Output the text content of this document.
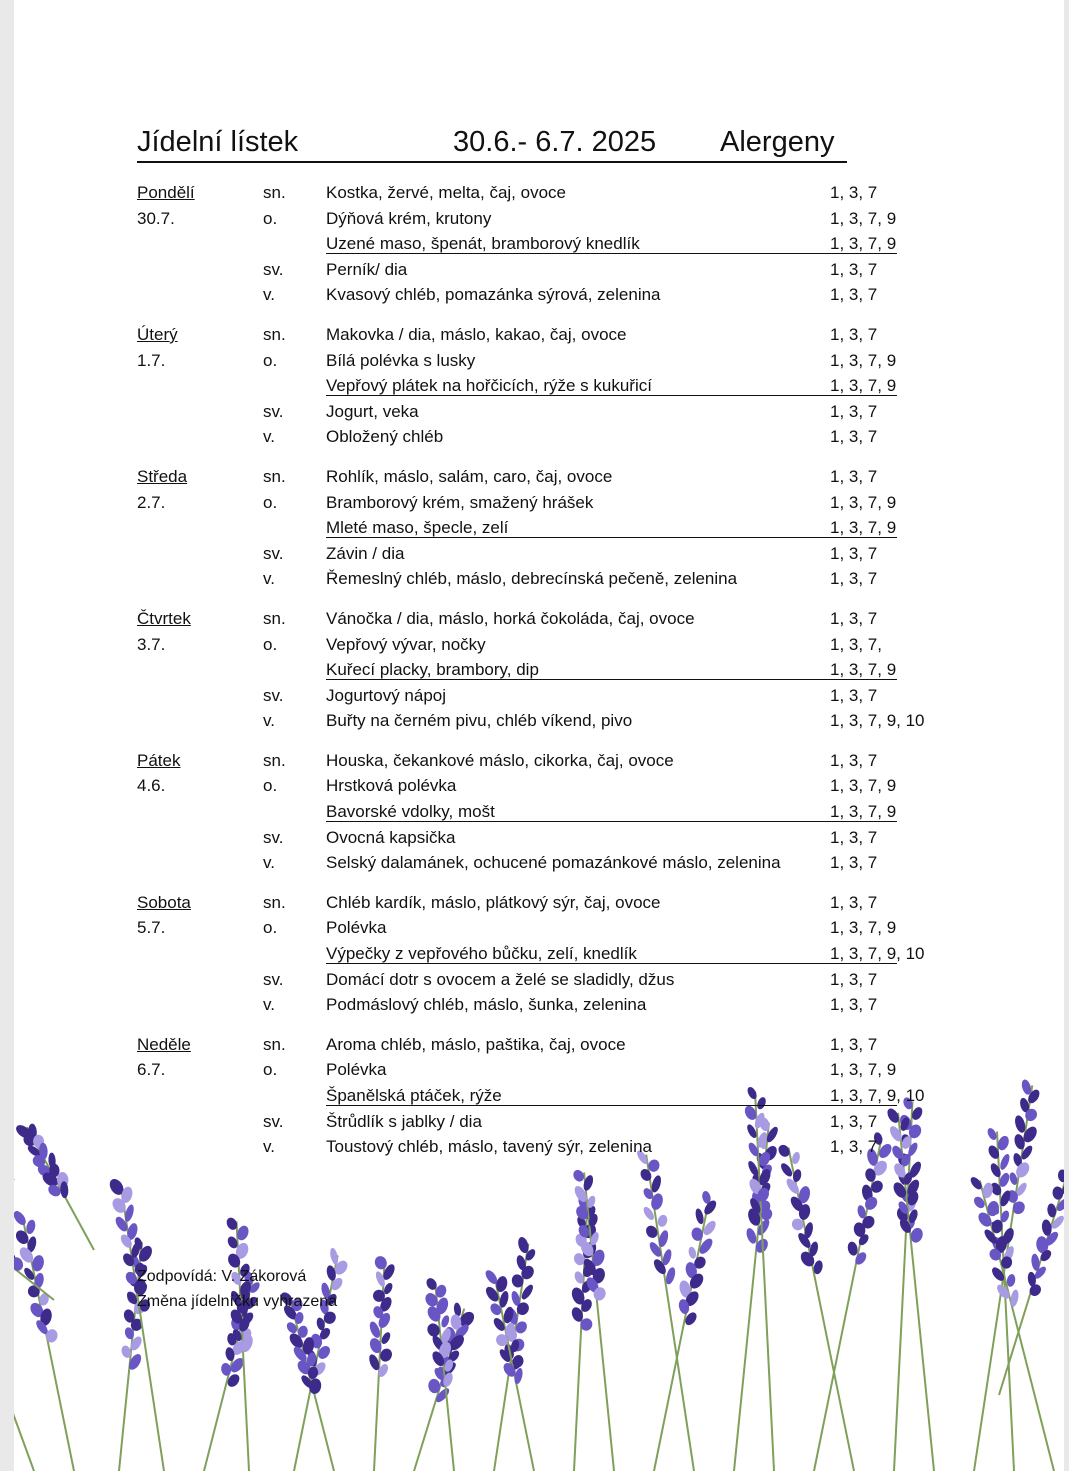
Jídelní lístek	30.6.- 6.7. 2025 Alergeny
Pondělí	sn. Kostka, žervé, melta, čaj, ovoce	1, 3, 7
30.7.	o.	Dýňová krém, krutony	1, 3, 7, 9
Uzené maso, špenát, bramborový knedlík	1, 3, 7, 9
sv.	Perník/ dia	1, 3, 7
v.	Kvasový chléb, pomazánka sýrová, zelenina	1, 3, 7
Úterý	sn. Makovka / dia, máslo, kakao, čaj, ovoce	1, 3, 7
1.7.	o.	Bílá polévka s lusky	1, 3, 7, 9
Vepřový plátek na hořčicích, rýže s kukuřicí	1, 3, 7, 9
sv.	Jogurt, veka	1, 3, 7
v.	Obložený chléb	1, 3, 7
Středa	sn. Rohlík, máslo, salám, caro, čaj, ovoce	1, 3, 7
2.7.	o.	Bramborový krém, smažený hrášek	1, 3, 7, 9
Mleté maso, špecle, zelí	1, 3, 7, 9
sv.	Závin / dia	1, 3, 7
v.	Řemeslný chléb, máslo, debrecínská pečeně, zelenina	1, 3, 7
Čtvrtek	sn. Vánočka / dia, máslo, horká čokoláda, čaj, ovoce	1, 3, 7
3.7.	o.	Vepřový vývar, nočky	1, 3, 7,
Kuřecí placky, brambory, dip	1, 3, 7, 9
sv.	Jogurtový nápoj	1, 3, 7
v.	Buřty na černém pivu, chléb víkend, pivo	1, 3, 7, 9, 10
Pátek	sn. Houska, čekankové máslo, cikorka, čaj, ovoce	1, 3, 7
4.6.	o.	Hrstková polévka	1, 3, 7, 9
Bavorské vdolky, mošt	1, 3, 7, 9
sv.	Ovocná kapsička	1, 3, 7
v.	Selský dalamánek, ochucené pomazánkové máslo, zelenina	1, 3, 7
Sobota	sn. Chléb kardík, máslo, plátkový sýr, čaj, ovoce	1, 3, 7
5.7.	o.	Polévka	1, 3, 7, 9
Výpečky z vepřového bůčku, zelí, knedlík	1, 3, 7, 9, 10
sv.	Domácí dotr s ovocem a želé se sladidly, džus	1, 3, 7
v.	Podmáslový chléb, máslo, šunka, zelenina	1, 3, 7
Neděle	sn. Aroma chléb, máslo, paštika, čaj, ovoce	1, 3, 7
6.7.	o.	Polévka	1, 3, 7, 9
Španělská ptáček, rýže	1, 3, 7, 9, 10
sv.	Štrůdlík s jablky / dia	1, 3, 7
v.	Toustový chléb, máslo, tavený sýr, zelenina	1, 3, 7
Zodpovídá: V. Zákorová
Změna jídelníčku vyhrazena
